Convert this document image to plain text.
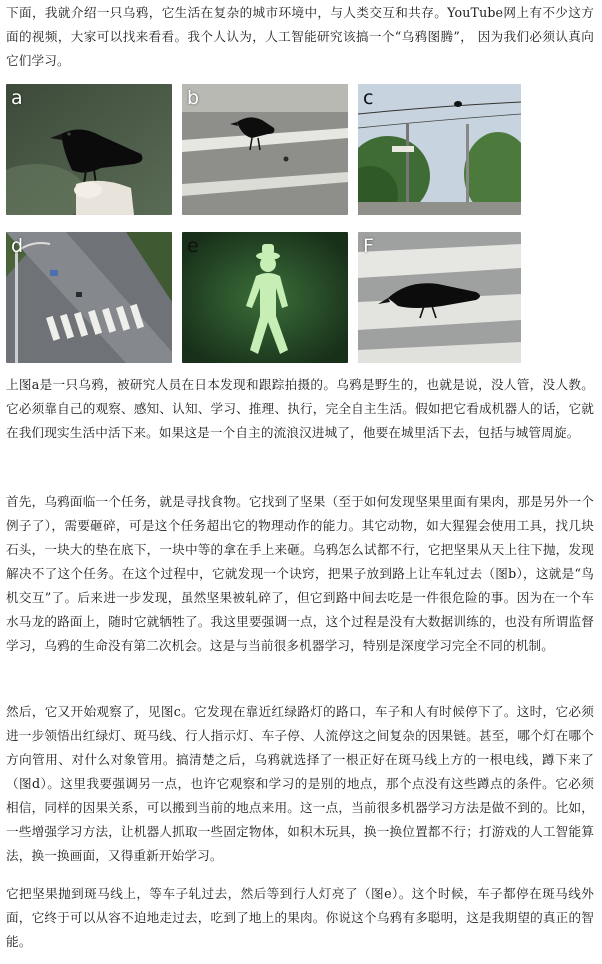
下面，我就介绍一只乌鸦，它生活在复杂的城市环境中，与人类交互和共存。YouTube网上有不少这方面的视频，大家可以找来看看。我个人认为，人工智能研究该搞一个“乌鸦图腾”， 因为我们必须认真向它们学习。

a	b	c
d	e	F

上图a是一只乌鸦，被研究人员在日本发现和跟踪拍摄的。乌鸦是野生的，也就是说，没人管，没人教。它必须靠自己的观察、感知、认知、学习、推理、执行，完全自主生活。假如把它看成机器人的话，它就在我们现实生活中活下来。如果这是一个自主的流浪汉进城了，他要在城里活下去，包括与城管周旋。

首先，乌鸦面临一个任务，就是寻找食物。它找到了坚果（至于如何发现坚果里面有果肉，那是另外一个例子了），需要砸碎，可是这个任务超出它的物理动作的能力。其它动物，如大猩猩会使用工具，找几块石头，一块大的垫在底下，一块中等的拿在手上来砸。乌鸦怎么试都不行，它把坚果从天上往下抛，发现解决不了这个任务。在这个过程中，它就发现一个诀窍，把果子放到路上让车轧过去（图b），这就是“鸟机交互”了。后来进一步发现，虽然坚果被轧碎了，但它到路中间去吃是一件很危险的事。因为在一个车水马龙的路面上，随时它就牺牲了。我这里要强调一点，这个过程是没有大数据训练的，也没有所谓监督学习，乌鸦的生命没有第二次机会。这是与当前很多机器学习，特别是深度学习完全不同的机制。

然后，它又开始观察了，见图c。它发现在靠近红绿路灯的路口，车子和人有时候停下了。这时，它必须进一步领悟出红绿灯、斑马线、行人指示灯、车子停、人流停这之间复杂的因果链。甚至，哪个灯在哪个方向管用、对什么对象管用。搞清楚之后，乌鸦就选择了一根正好在斑马线上方的一根电线，蹲下来了（图d）。这里我要强调另一点，也许它观察和学习的是别的地点，那个点没有这些蹲点的条件。它必须相信，同样的因果关系，可以搬到当前的地点来用。这一点，当前很多机器学习方法是做不到的。比如，一些增强学习方法，让机器人抓取一些固定物体，如积木玩具，换一换位置都不行；打游戏的人工智能算法，换一换画面，又得重新开始学习。

它把坚果抛到斑马线上，等车子轧过去，然后等到行人灯亮了（图e）。这个时候，车子都停在斑马线外面，它终于可以从容不迫地走过去，吃到了地上的果肉。你说这个乌鸦有多聪明，这是我期望的真正的智能。
